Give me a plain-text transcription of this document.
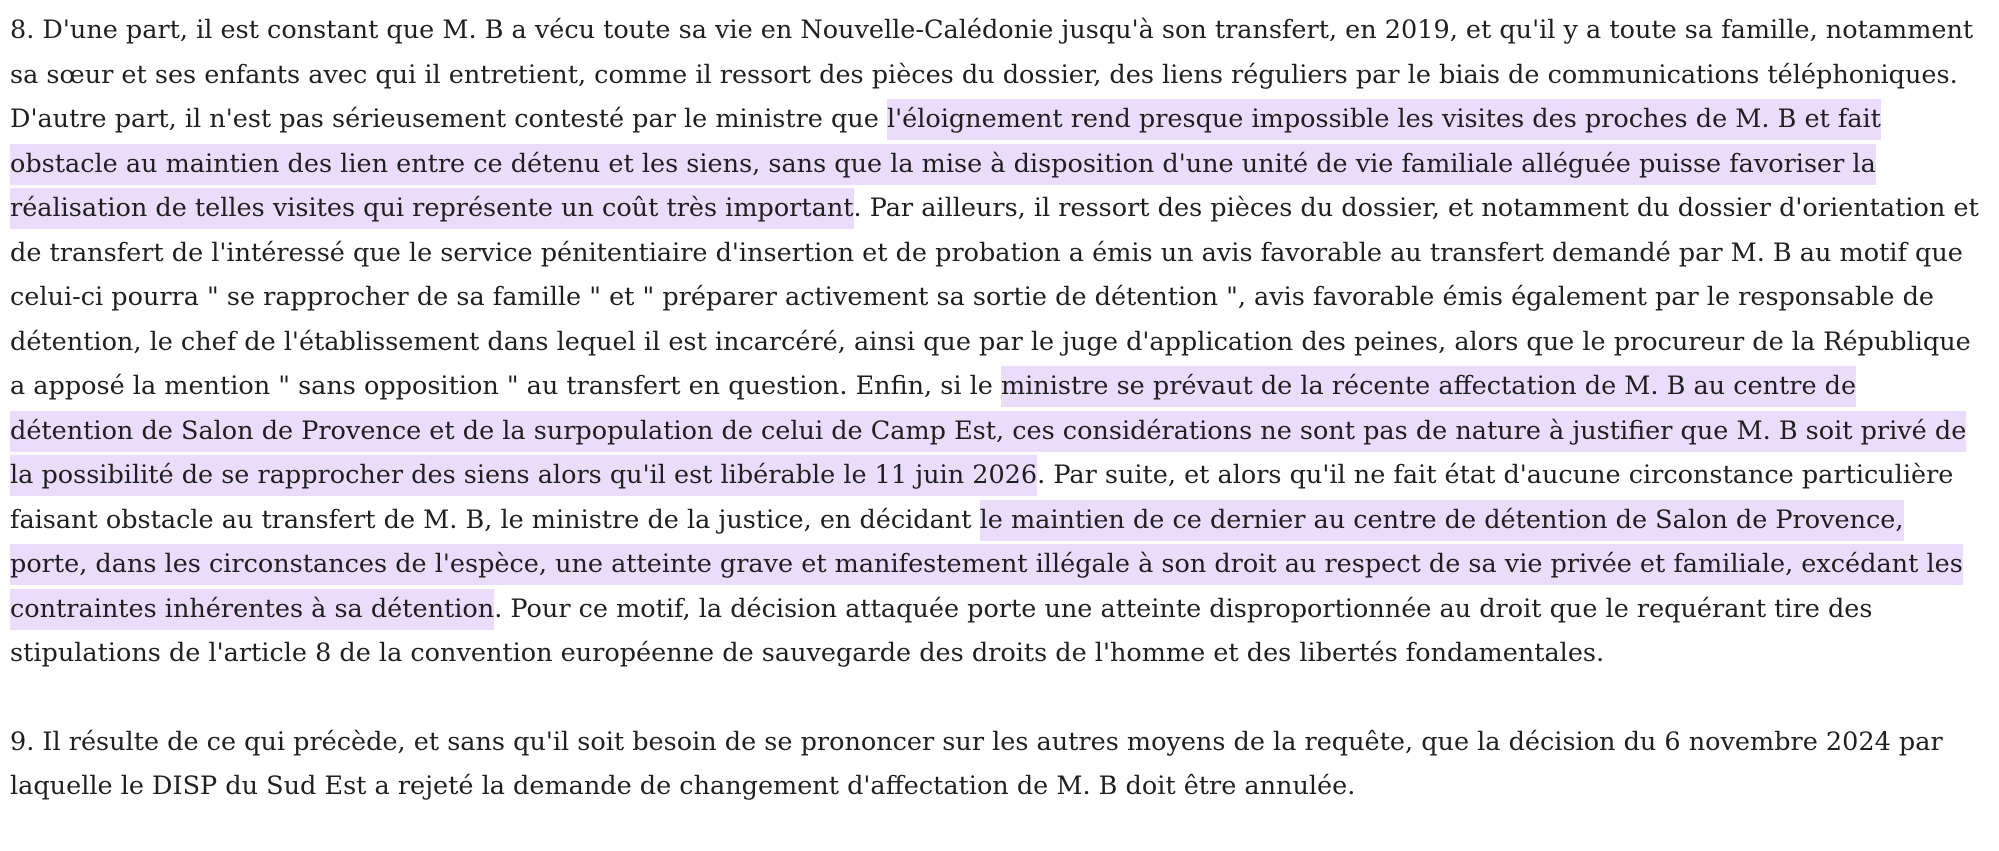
8. D'une part, il est constant que M. B a vécu toute sa vie en Nouvelle-Calédonie jusqu'à son transfert, en 2019, et qu'il y a toute sa famille, notamment sa sœur et ses enfants avec qui il entretient, comme il ressort des pièces du dossier, des liens réguliers par le biais de communications téléphoniques. D'autre part, il n'est pas sérieusement contesté par le ministre que l'éloignement rend presque impossible les visites des proches de M. B et fait obstacle au maintien des lien entre ce détenu et les siens, sans que la mise à disposition d'une unité de vie familiale alléguée puisse favoriser la réalisation de telles visites qui représente un coût très important. Par ailleurs, il ressort des pièces du dossier, et notamment du dossier d'orientation et de transfert de l'intéressé que le service pénitentiaire d'insertion et de probation a émis un avis favorable au transfert demandé par M. B au motif que celui-ci pourra " se rapprocher de sa famille " et " préparer activement sa sortie de détention ", avis favorable émis également par le responsable de détention, le chef de l'établissement dans lequel il est incarcéré, ainsi que par le juge d'application des peines, alors que le procureur de la République a apposé la mention " sans opposition " au transfert en question. Enfin, si le ministre se prévaut de la récente affectation de M. B au centre de détention de Salon de Provence et de la surpopulation de celui de Camp Est, ces considérations ne sont pas de nature à justifier que M. B soit privé de la possibilité de se rapprocher des siens alors qu'il est libérable le 11 juin 2026. Par suite, et alors qu'il ne fait état d'aucune circonstance particulière faisant obstacle au transfert de M. B, le ministre de la justice, en décidant le maintien de ce dernier au centre de détention de Salon de Provence, porte, dans les circonstances de l'espèce, une atteinte grave et manifestement illégale à son droit au respect de sa vie privée et familiale, excédant les contraintes inhérentes à sa détention. Pour ce motif, la décision attaquée porte une atteinte disproportionnée au droit que le requérant tire des stipulations de l'article 8 de la convention européenne de sauvegarde des droits de l'homme et des libertés fondamentales.

9. Il résulte de ce qui précède, et sans qu'il soit besoin de se prononcer sur les autres moyens de la requête, que la décision du 6 novembre 2024 par laquelle le DISP du Sud Est a rejeté la demande de changement d'affectation de M. B doit être annulée.
